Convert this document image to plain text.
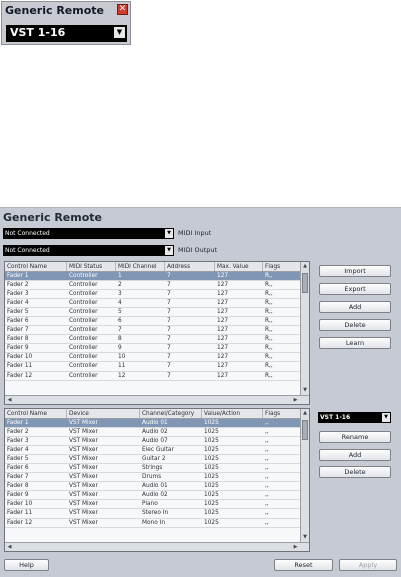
Generic Remote ✕
VST 1-16	▼
Generic Remote
Not Connected	▼	MIDI Input
Not Connected	▼	MIDI Output
Control Name	MIDI Status	MIDI Channel	Address	Max. Value	Flags
Fader 1	Controller	1	7	127	R,,
Fader 2	Controller	2	7	127	R,,
Fader 3	Controller	3	7	127	R,,
Fader 4	Controller	4	7	127	R,,
Fader 5	Controller	5	7	127	R,,
Fader 6	Controller	6	7	127	R,,
Fader 7	Controller	7	7	127	R,,
Fader 8	Controller	8	7	127	R,,
Fader 9	Controller	9	7	127	R,,
Fader 10	Controller	10	7	127	R,,
Fader 11	Controller	11	7	127	R,,
Fader 12	Controller	12	7	127	R,,
▲
▼
◀	▶
Import
Export
Add
Delete
Learn
Control Name	Device	Channel/Category	Value/Action	Flags
Fader 1	VST Mixer	Audio 01	1025	,,
Fader 2	VST Mixer	Audio 02	1025	,,
Fader 3	VST Mixer	Audio 07	1025	,,
Fader 4	VST Mixer	Elec Guitar	1025	,,
Fader 5	VST Mixer	Guitar 2	1025	,,
Fader 6	VST Mixer	Strings	1025	,,
Fader 7	VST Mixer	Drums	1025	,,
Fader 8	VST Mixer	Audio 01	1025	,,
Fader 9	VST Mixer	Audio 02	1025	,,
Fader 10	VST Mixer	Piano	1025	,,
Fader 11	VST Mixer	Stereo In	1025	,,
Fader 12	VST Mixer	Mono In	1025	,,
▲
▼
◀	▶
VST 1-16	▼
Rename
Add
Delete
Help	Reset	Apply
